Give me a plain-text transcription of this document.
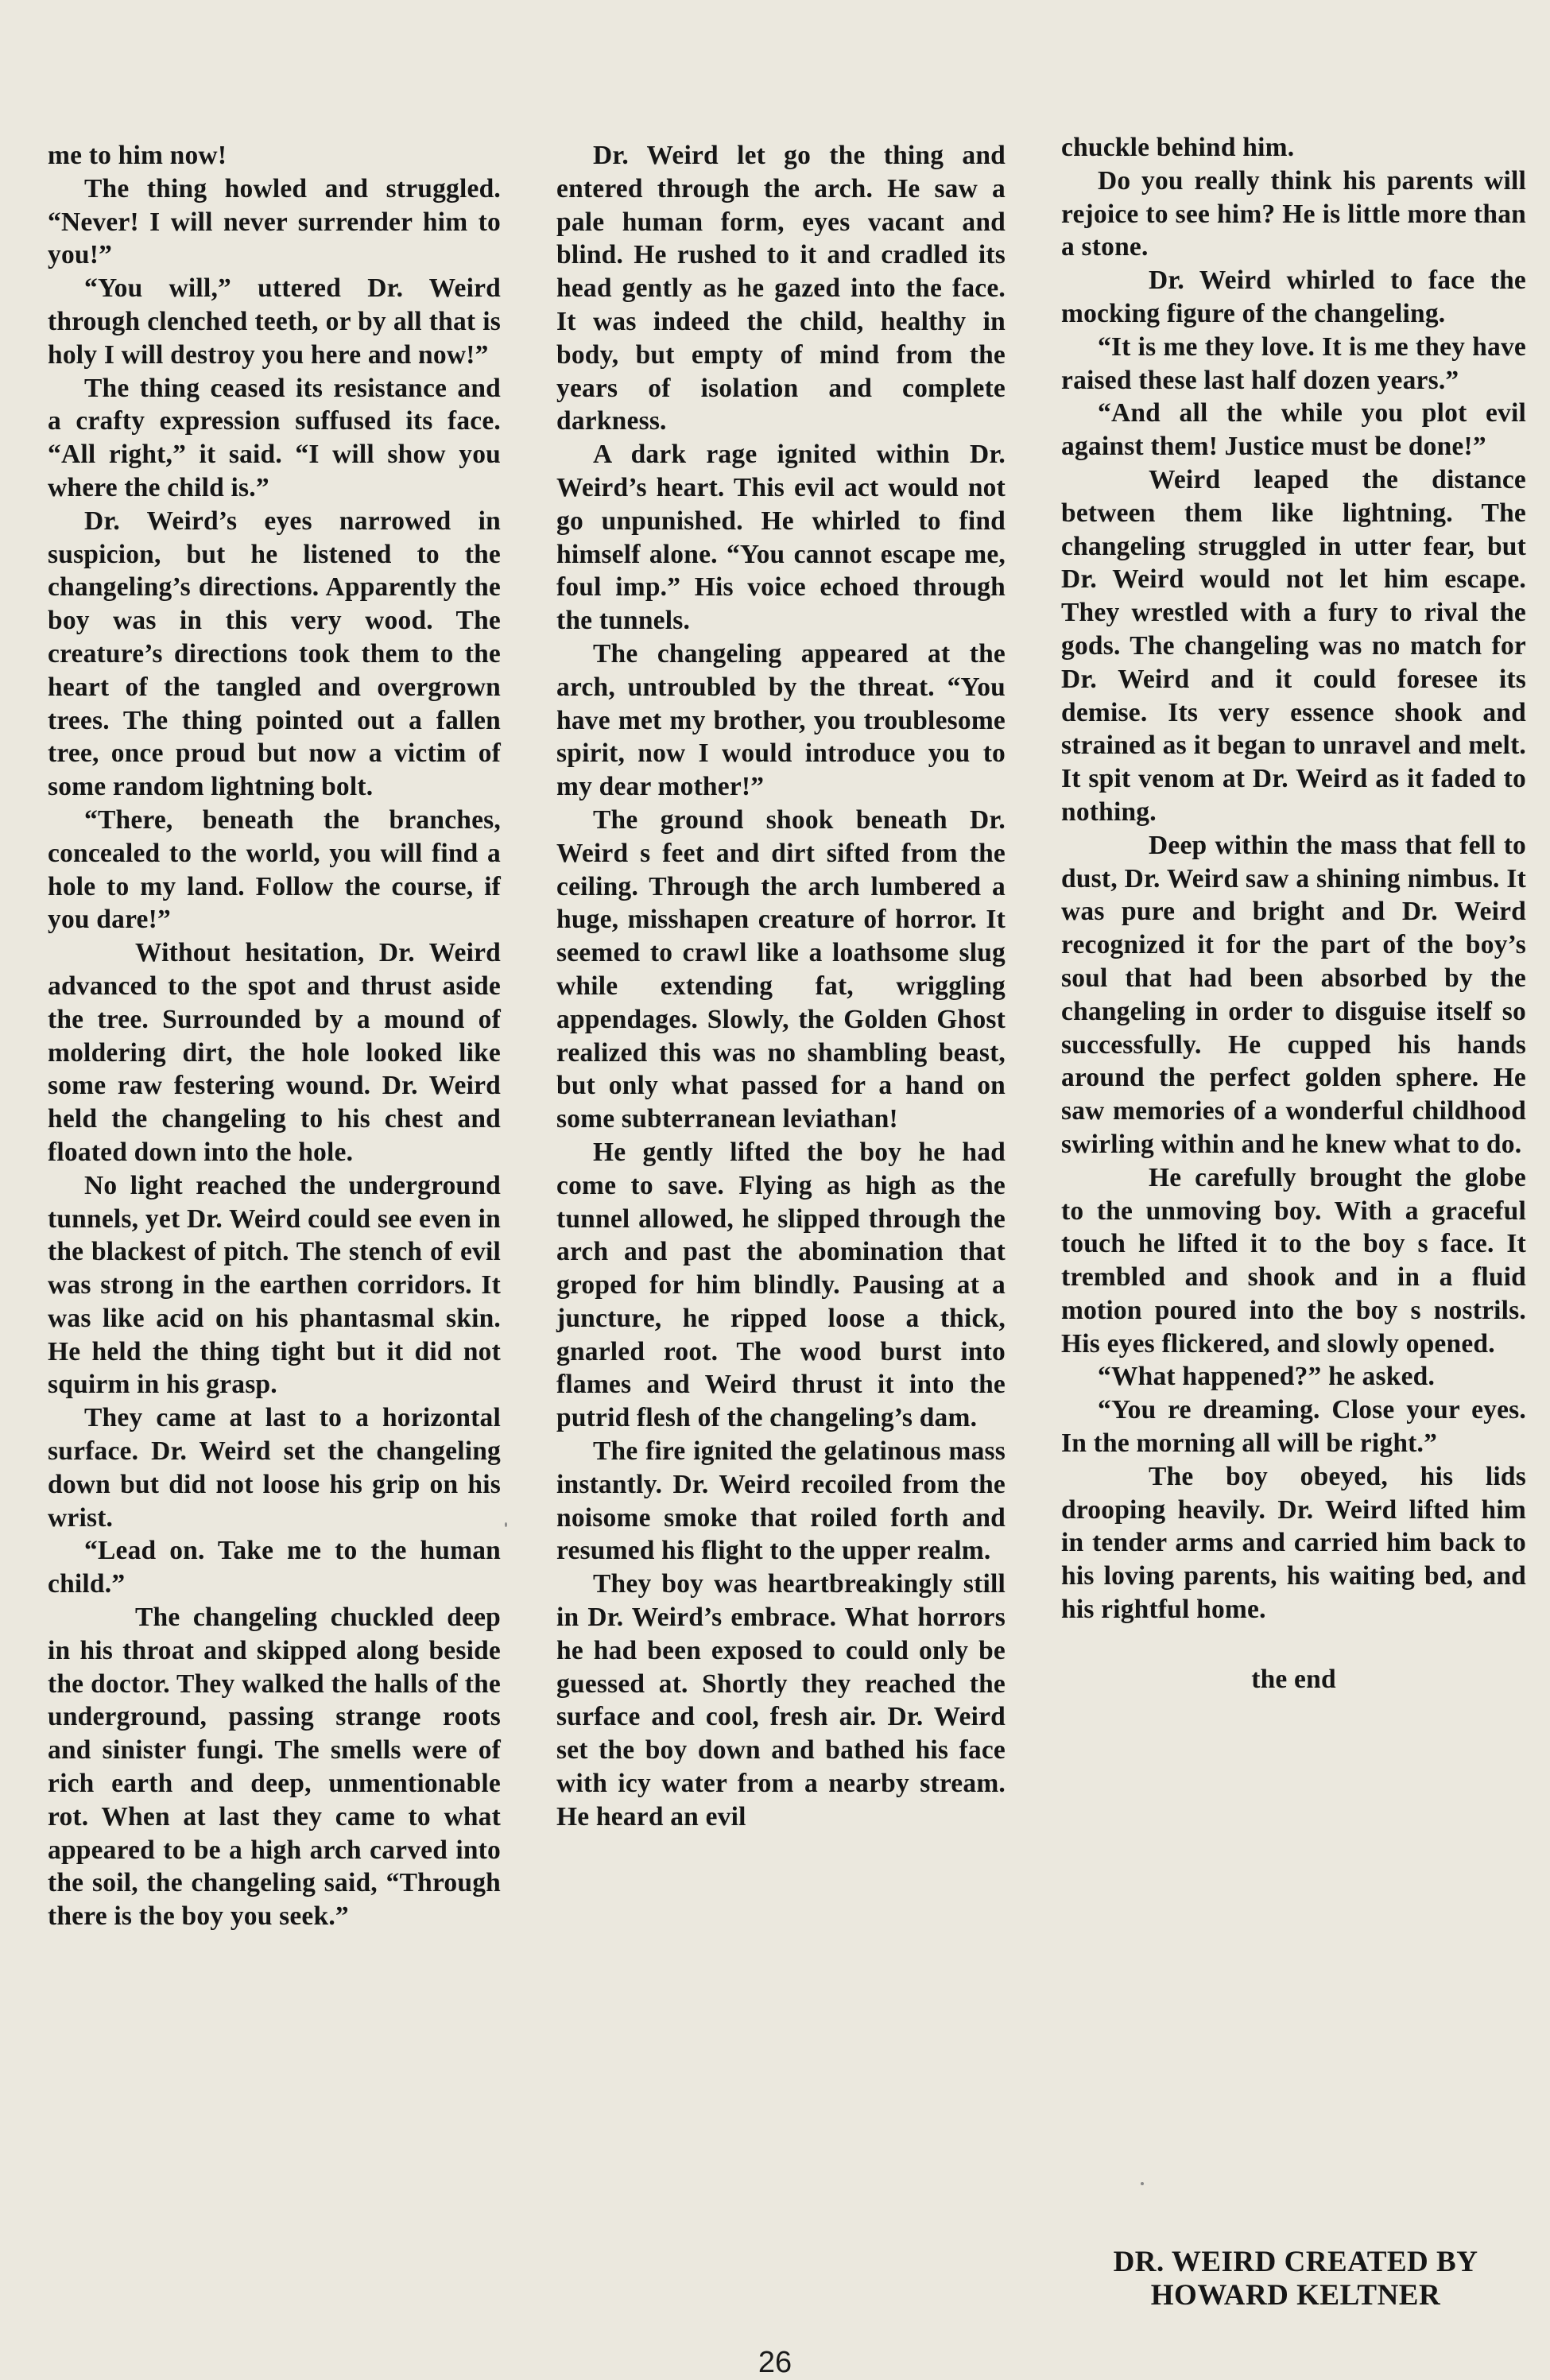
me to him now!

The thing howled and struggled. “Never! I will never surrender him to you!”

“You will,” uttered Dr. Weird through clenched teeth, or by all that is holy I will destroy you here and now!”

The thing ceased its resistance and a crafty expression suffused its face. “All right,” it said. “I will show you where the child is.”

Dr. Weird’s eyes narrowed in suspicion, but he listened to the changeling’s directions. Apparently the boy was in this very wood. The creature’s directions took them to the heart of the tangled and overgrown trees. The thing pointed out a fallen tree, once proud but now a victim of some random lightning bolt.

“There, beneath the branches, concealed to the world, you will find a hole to my land. Follow the course, if you dare!”

Without hesitation, Dr. Weird advanced to the spot and thrust aside the tree. Surrounded by a mound of moldering dirt, the hole looked like some raw festering wound. Dr. Weird held the changeling to his chest and floated down into the hole.

No light reached the underground tunnels, yet Dr. Weird could see even in the blackest of pitch. The stench of evil was strong in the earthen corridors. It was like acid on his phantasmal skin. He held the thing tight but it did not squirm in his grasp.

They came at last to a horizontal surface. Dr. Weird set the changeling down but did not loose his grip on his wrist.

“Lead on. Take me to the human child.”

The changeling chuckled deep in his throat and skipped along beside the doctor. They walked the halls of the underground, passing strange roots and sinister fungi. The smells were of rich earth and deep, unmentionable rot. When at last they came to what appeared to be a high arch carved into the soil, the changeling said, “Through there is the boy you seek.”

Dr. Weird let go the thing and entered through the arch. He saw a pale human form, eyes vacant and blind. He rushed to it and cradled its head gently as he gazed into the face. It was indeed the child, healthy in body, but empty of mind from the years of isolation and complete darkness.

A dark rage ignited within Dr. Weird’s heart. This evil act would not go unpunished. He whirled to find himself alone. “You cannot escape me, foul imp.” His voice echoed through the tunnels.

The changeling appeared at the arch, untroubled by the threat. “You have met my brother, you troublesome spirit, now I would introduce you to my dear mother!”

The ground shook beneath Dr. Weird s feet and dirt sifted from the ceiling. Through the arch lumbered a huge, misshapen creature of horror. It seemed to crawl like a loathsome slug while extending fat, wriggling appendages. Slowly, the Golden Ghost realized this was no shambling beast, but only what passed for a hand on some subterranean leviathan!

He gently lifted the boy he had come to save. Flying as high as the tunnel allowed, he slipped through the arch and past the abomination that groped for him blindly. Pausing at a juncture, he ripped loose a thick, gnarled root. The wood burst into flames and Weird thrust it into the putrid flesh of the changeling’s dam.

The fire ignited the gelatinous mass instantly. Dr. Weird recoiled from the noisome smoke that roiled forth and resumed his flight to the upper realm.

They boy was heartbreakingly still in Dr. Weird’s embrace. What horrors he had been exposed to could only be guessed at. Shortly they reached the surface and cool, fresh air. Dr. Weird set the boy down and bathed his face with icy water from a nearby stream. He heard an evil

chuckle behind him.

Do you really think his parents will rejoice to see him? He is little more than a stone.

Dr. Weird whirled to face the mocking figure of the changeling.

“It is me they love. It is me they have raised these last half dozen years.”

“And all the while you plot evil against them! Justice must be done!”

Weird leaped the distance between them like lightning. The changeling struggled in utter fear, but Dr. Weird would not let him escape. They wrestled with a fury to rival the gods. The changeling was no match for Dr. Weird and it could foresee its demise. Its very essence shook and strained as it began to unravel and melt. It spit venom at Dr. Weird as it faded to nothing.

Deep within the mass that fell to dust, Dr. Weird saw a shining nimbus. It was pure and bright and Dr. Weird recognized it for the part of the boy’s soul that had been absorbed by the changeling in order to disguise itself so successfully. He cupped his hands around the perfect golden sphere. He saw memories of a wonderful childhood swirling within and he knew what to do.

He carefully brought the globe to the unmoving boy. With a graceful touch he lifted it to the boy s face. It trembled and shook and in a fluid motion poured into the boy s nostrils. His eyes flickered, and slowly opened.

“What happened?” he asked.

“You re dreaming. Close your eyes. In the morning all will be right.”

The boy obeyed, his lids drooping heavily. Dr. Weird lifted him in tender arms and carried him back to his loving parents, his waiting bed, and his rightful home.

the end

DR. WEIRD CREATED BY
HOWARD KELTNER
26
